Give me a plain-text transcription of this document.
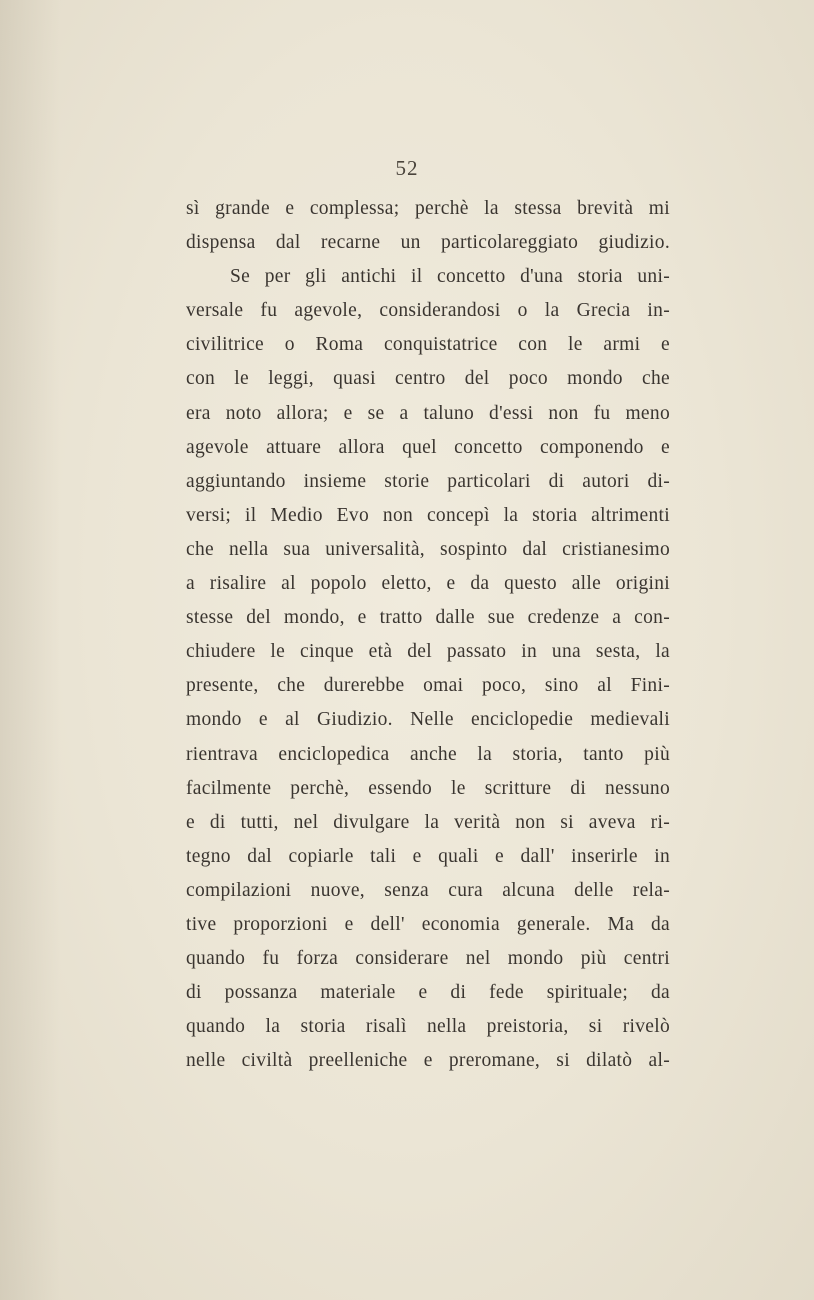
52
sì grande e complessa; perchè la stessa brevità mi
dispensa dal recarne un particolareggiato giudizio.
Se per gli antichi il concetto d'una storia uni-
versale fu agevole, considerandosi o la Grecia in-
civilitrice o Roma conquistatrice con le armi e
con le leggi, quasi centro del poco mondo che
era noto allora; e se a taluno d'essi non fu meno
agevole attuare allora quel concetto componendo e
aggiuntando insieme storie particolari di autori di-
versi; il Medio Evo non concepì la storia altrimenti
che nella sua universalità, sospinto dal cristianesimo
a risalire al popolo eletto, e da questo alle origini
stesse del mondo, e tratto dalle sue credenze a con-
chiudere le cinque età del passato in una sesta, la
presente, che durerebbe omai poco, sino al Fini-
mondo e al Giudizio. Nelle enciclopedie medievali
rientrava enciclopedica anche la storia, tanto più
facilmente perchè, essendo le scritture di nessuno
e di tutti, nel divulgare la verità non si aveva ri-
tegno dal copiarle tali e quali e dall' inserirle in
compilazioni nuove, senza cura alcuna delle rela-
tive proporzioni e dell' economia generale. Ma da
quando fu forza considerare nel mondo più centri
di possanza materiale e di fede spirituale; da
quando la storia risalì nella preistoria, si rivelò
nelle civiltà preelleniche e preromane, si dilatò al-
